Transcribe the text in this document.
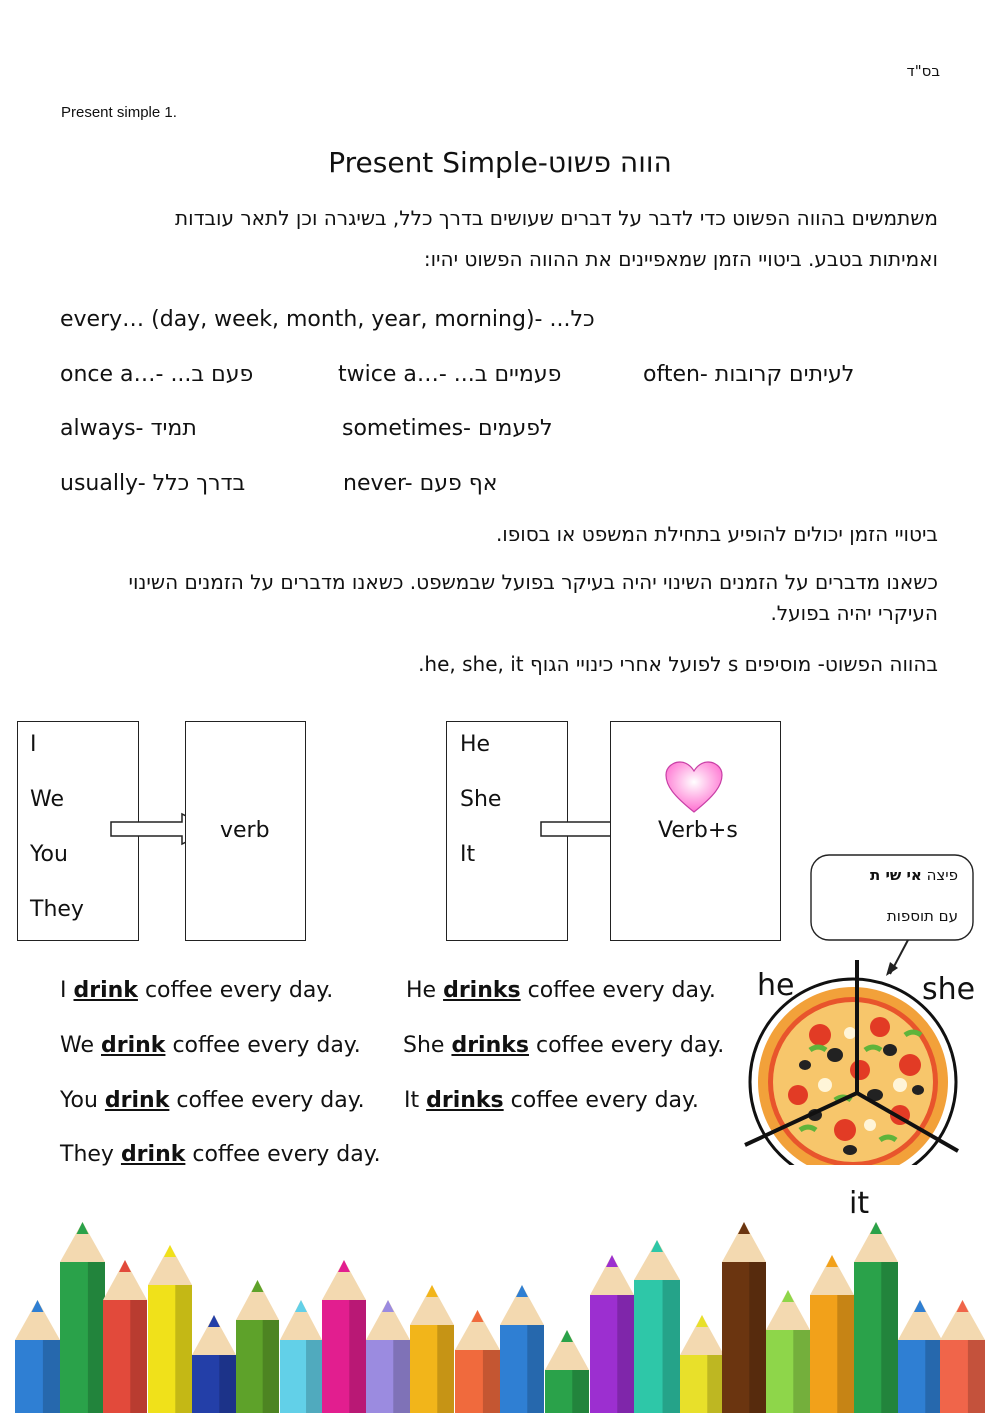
בס"ד
Present simple 1.
Present Simple-הווה פשוט
משתמשים בהווה הפשוט כדי לדבר על דברים שעושים בדרך כלל, בשיגרה וכן לתאר עובדות
ואמיתות בטבע. ביטויי הזמן שמאפיינים את ההווה הפשוט יהיו:
every… (day, week, month, year, morning)- ...כל
once a…- ...פעם ב	twice a…- ...פעמיים ב	often- לעיתים קרובות
always- תמיד	sometimes- לפעמים
usually- בדרך כלל	never- אף פעם
ביטויי הזמן יכולים להופיע בתחילת המשפט או בסופו.
כשאנו מדברים על הזמנים השינוי יהיה בעיקר בפועל שבמשפט. כשאנו מדברים על הזמנים השינוי
העיקרי יהיה בפועל.
בהווה הפשוט- מוסיפים s לפועל אחרי כינויי הגוף he, she, it.
I
We
You
They
verb
He
She
It
Verb+s
I drink coffee every day.
We drink coffee every day.
You drink coffee every day.
They drink coffee every day.
He drinks coffee every day.
She drinks coffee every day.
It drinks coffee every day.
פיצה אי שי ת
עם תוספות
he	she
it
